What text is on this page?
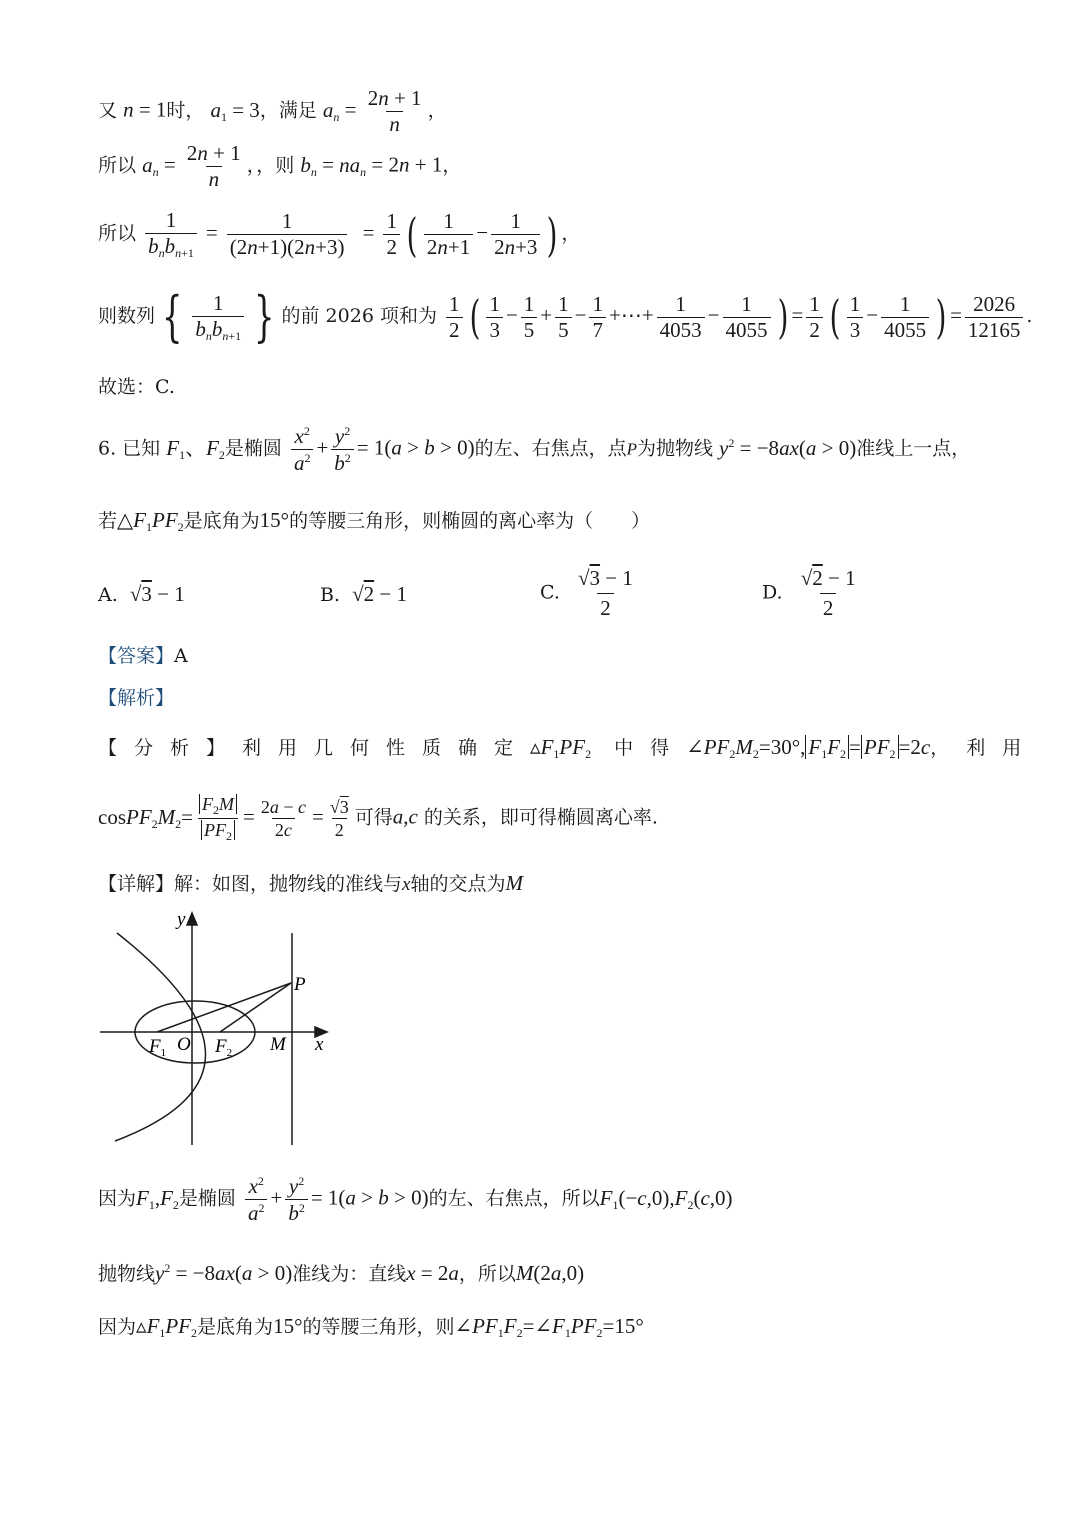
又 n = 1时， $a_1 = 3$，满足 $a_n = \frac{2n + 1}{n}$ ，
所以 $a_n = \frac{2n + 1}{n}$ ，，则 $b_n = na_n = 2n + 1$，
所以 $\frac{1}{b_nb_{n+1}} = \frac{1}{(2n+1)(2n+3)} = \frac{1}{2}$ ( $\frac{1}{2n+1} - \frac{1}{2n+3}$ ) ，
则数列 { $\frac{1}{b_nb_{n+1}}$ } 的前 2026 项和为 $\frac{1}{2}$ ( $\frac{1}{3} - \frac{1}{5} + \frac{1}{5} - \frac{1}{7}$ +⋯+ $\frac{1}{4053} - \frac{1}{4055}$ ) = $\frac{1}{2}$ ( $\frac{1}{3} - \frac{1}{4055}$ ) = $\frac{2026}{12165}$ .
故选：C.
6. 已知 $F_1$、$F_2$是椭圆 $\frac{x^2}{a^2} + \frac{y^2}{b^2} = 1(a > b > 0)$的左、右焦点，点P为抛物线 $y^2 = -8ax(a > 0)$准线上一点，
若$\triangle F_1PF_2$是底角为15°的等腰三角形，则椭圆的离心率为（　　）
A. √3 − 1	B. √2 − 1	C. $\frac{√3 - 1}{2}$	D. $\frac{√2 - 1}{2}$
【答案】A
【解析】
【分析】利用几何性质确定$▵F_1PF_2$ 中得$\angle PF_2M_2=30^\circ$, $F_1F_2 = PF_2 =2c$，利用
$cosPF_2M_2= \frac{F_2M}{PF_2} = \frac{2a - c}{2c} = \frac{√3}{2}$ 可得a,c 的关系，即可得椭圆离心率.
【详解】解：如图，抛物线的准线与x轴的交点为M
y
x
P
$F_1$ O $F_2$ M
因为$F_1,F_2$是椭圆 $\frac{x^2}{a^2} + \frac{y^2}{b^2} = 1(a > b > 0)$的左、右焦点，所以$F_1(-c,0),F_2(c,0)$
抛物线$y^2 = -8ax(a > 0)$准线为：直线x = 2a，所以M(2a,0)
因为$▵F_1PF_2$是底角为15°的等腰三角形，则$\angle PF_1F_2=\angle F_1PF_2=15^\circ$
